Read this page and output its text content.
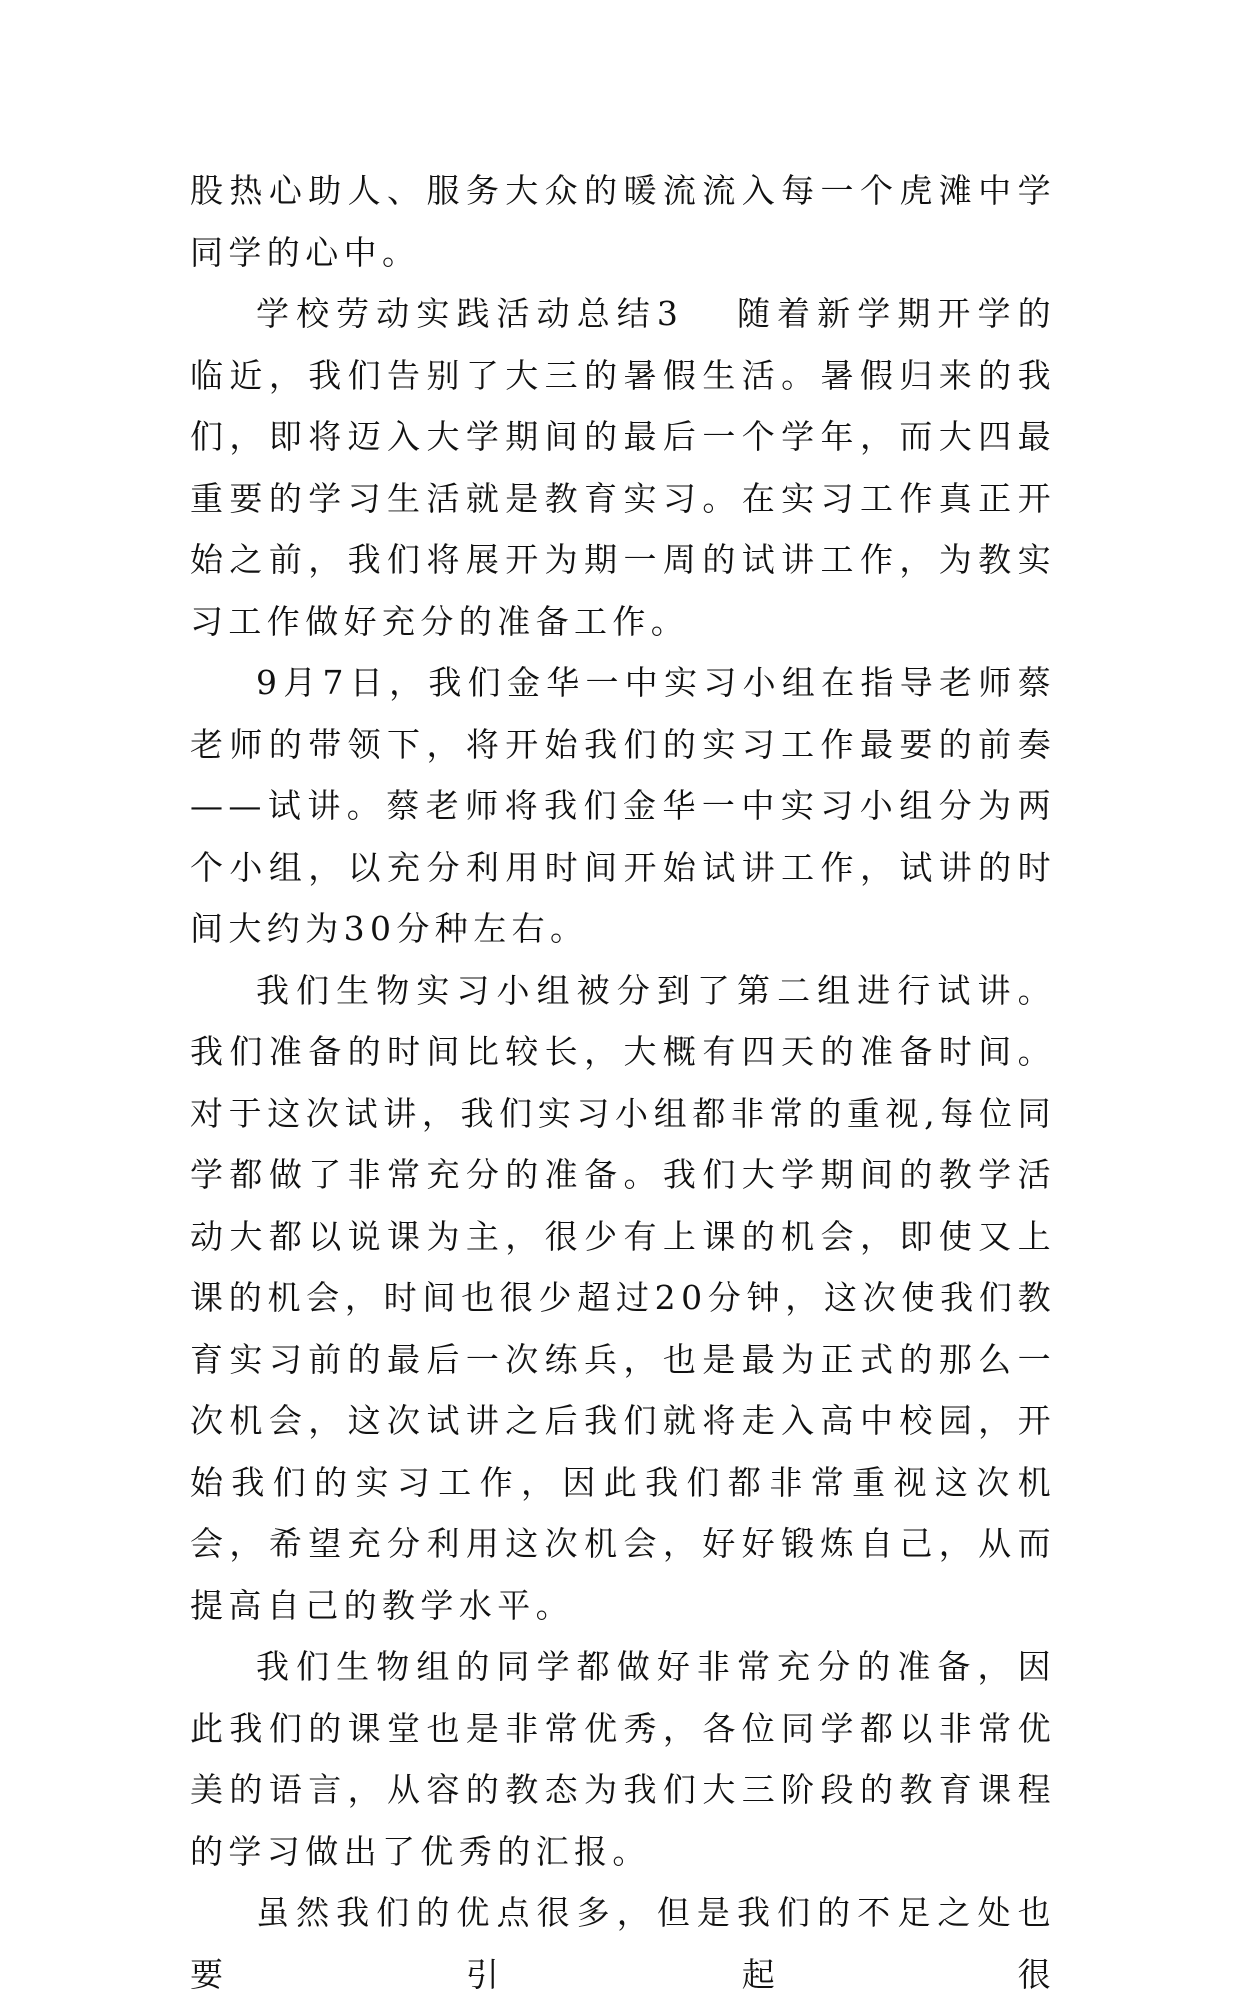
股热心助人、服务大众的暖流流入每一个虎滩中学同学的心中。

学校劳动实践活动总结3 随着新学期开学的临近，我们告别了大三的暑假生活。暑假归来的我们，即将迈入大学期间的最后一个学年，而大四最重要的学习生活就是教育实习。在实习工作真正开始之前，我们将展开为期一周的试讲工作，为教实习工作做好充分的准备工作。

9月7日，我们金华一中实习小组在指导老师蔡老师的带领下，将开始我们的实习工作最要的前奏——试讲。蔡老师将我们金华一中实习小组分为两个小组，以充分利用时间开始试讲工作，试讲的时间大约为30分种左右。

我们生物实习小组被分到了第二组进行试讲。我们准备的时间比较长，大概有四天的准备时间。对于这次试讲，我们实习小组都非常的重视,每位同学都做了非常充分的准备。我们大学期间的教学活动大都以说课为主，很少有上课的机会，即使又上课的机会，时间也很少超过20分钟，这次使我们教育实习前的最后一次练兵，也是最为正式的那么一次机会，这次试讲之后我们就将走入高中校园，开始我们的实习工作，因此我们都非常重视这次机会，希望充分利用这次机会，好好锻炼自己，从而提高自己的教学水平。

我们生物组的同学都做好非常充分的准备，因此我们的课堂也是非常优秀，各位同学都以非常优美的语言，从容的教态为我们大三阶段的教育课程的学习做出了优秀的汇报。

虽然我们的优点很多，但是我们的不足之处也要引起很
